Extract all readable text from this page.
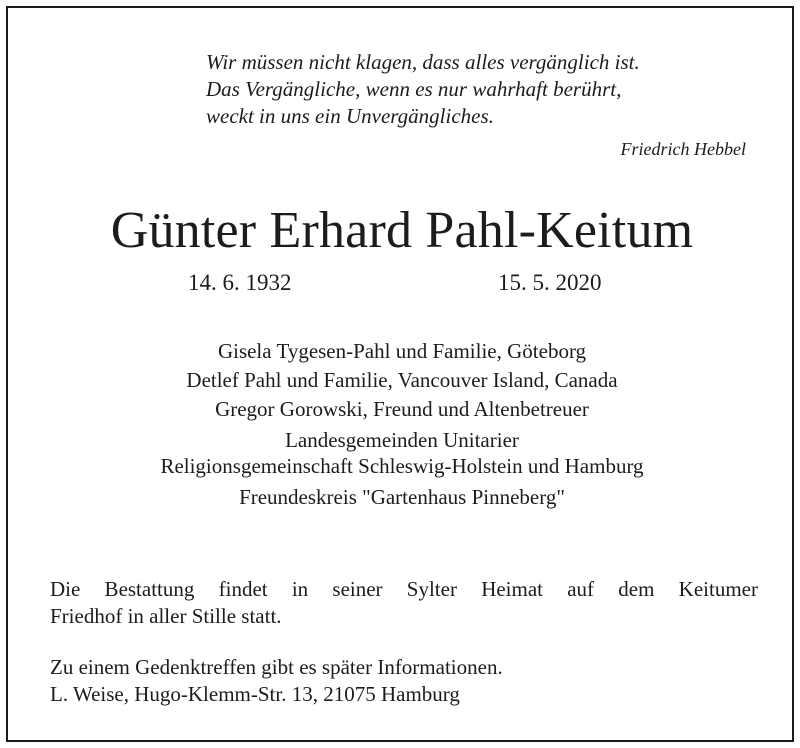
Wir müssen nicht klagen, dass alles vergänglich ist.
Das Vergängliche, wenn es nur wahrhaft berührt,
weckt in uns ein Unvergängliches.
Friedrich Hebbel
Günter Erhard Pahl-Keitum
14. 6. 1932	15. 5. 2020
Gisela Tygesen-Pahl und Familie, Göteborg
Detlef Pahl und Familie, Vancouver Island, Canada
Gregor Gorowski, Freund und Altenbetreuer
Landesgemeinden Unitarier
Religionsgemeinschaft Schleswig-Holstein und Hamburg
Freundeskreis "Gartenhaus Pinneberg"
Die Bestattung findet in seiner Sylter Heimat auf dem Keitumer
Friedhof in aller Stille statt.
Zu einem Gedenktreffen gibt es später Informationen.
L. Weise, Hugo-Klemm-Str. 13, 21075 Hamburg
